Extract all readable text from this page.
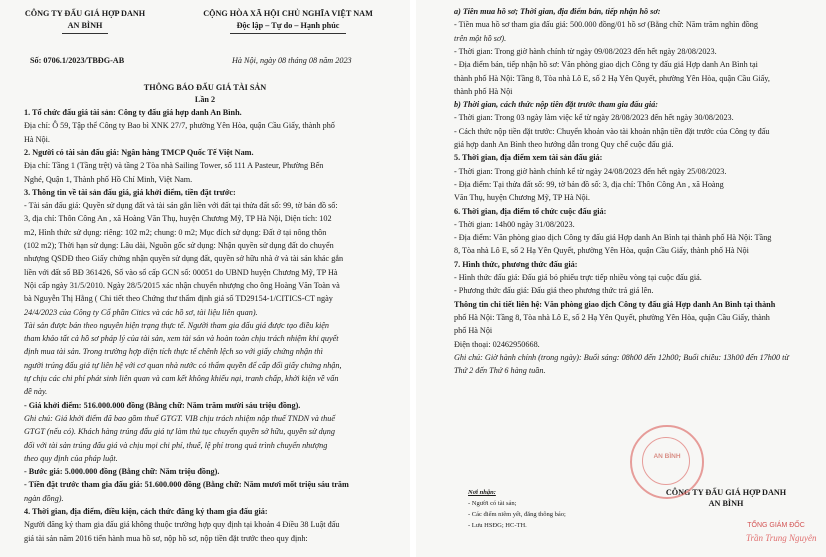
CÔNG TY ĐẤU GIÁ HỢP DANH
AN BÌNH
CỘNG HÒA XÃ HỘI CHỦ NGHĨA VIỆT NAM
Độc lập – Tự do – Hạnh phúc
Số: 0706.1/2023/TBĐG-AB	Hà Nội, ngày 08 tháng 08 năm 2023
THÔNG BÁO ĐẤU GIÁ TÀI SẢN
Lần 2
1. Tổ chức đấu giá tài sản: Công ty đấu giá hợp danh An Bình.
Địa chỉ: Ô 59, Tập thể Công ty Bao bì XNK 27/7, phường Yên Hòa, quận Cầu Giấy, thành phố
Hà Nội.
2. Người có tài sản đấu giá: Ngân hàng TMCP Quốc Tế Việt Nam.
Địa chỉ: Tầng 1 (Tầng trệt) và tầng 2 Tòa nhà Sailing Tower, số 111 A Pasteur, Phường Bến
Nghé, Quận 1, Thành phố Hồ Chí Minh, Việt Nam.
3. Thông tin về tài sản đấu giá, giá khởi điểm, tiền đặt trước:
- Tài sản đấu giá: Quyền sử dụng đất và tài sản gắn liền với đất tại thửa đất số: 99, tờ bản đồ số:
3, địa chỉ: Thôn Công An , xã Hoàng Văn Thụ, huyện Chương Mỹ, TP Hà Nội, Diện tích: 102
m2, Hình thức sử dụng: riêng: 102 m2; chung: 0 m2; Mục đích sử dụng: Đất ở tại nông thôn
(102 m2); Thời hạn sử dụng: Lâu dài, Nguồn gốc sử dụng: Nhận quyền sử dụng đất do chuyển
nhượng QSDĐ theo Giấy chứng nhận quyền sử dụng đất, quyền sở hữu nhà ở và tài sản khác gắn
liền với đất số BĐ 361426, Số vào sổ cấp GCN số: 00051 do UBND huyện Chương Mỹ, TP Hà
Nội cấp ngày 31/5/2010. Ngày 28/5/2015 xác nhận chuyển nhượng cho ông Hoàng Văn Toàn và
bà Nguyễn Thị Hằng ( Chi tiết theo Chứng thư thẩm định giá số TD29154-1/CITICS-CT ngày
24/4/2023 của Công ty Cổ phần Citics và các hồ sơ, tài liệu liên quan).
Tài sản được bán theo nguyên hiện trạng thực tế. Người tham gia đấu giá được tạo điều kiện
tham khảo tất cả hồ sơ pháp lý của tài sản, xem tài sản và hoàn toàn chịu trách nhiệm khi quyết
định mua tài sản. Trong trường hợp diện tích thực tế chênh lệch so với giấy chứng nhận thì
người trúng đấu giá tự liên hệ với cơ quan nhà nước có thẩm quyền để cấp đổi giấy chứng nhận,
tự chịu các chi phí phát sinh liên quan và cam kết không khiếu nại, tranh chấp, khởi kiện về vấn
đề này.
- Giá khởi điểm: 516.000.000 đồng (Bằng chữ: Năm trăm mười sáu triệu đồng).
Ghi chú: Giá khởi điểm đã bao gồm thuế GTGT. VIB chịu trách nhiệm nộp thuế TNDN và thuế
GTGT (nếu có). Khách hàng trúng đấu giá tự làm thủ tục chuyển quyền sở hữu, quyền sử dụng
đối với tài sản trúng đấu giá và chịu mọi chi phí, thuế, lệ phí trong quá trình chuyển nhượng
theo quy định của pháp luật.
- Bước giá: 5.000.000 đồng (Bằng chữ: Năm triệu đồng).
- Tiền đặt trước tham gia đấu giá: 51.600.000 đồng (Bằng chữ: Năm mươi mốt triệu sáu trăm
ngàn đồng).
4. Thời gian, địa điểm, điều kiện, cách thức đăng ký tham gia đấu giá:
Người đăng ký tham gia đấu giá không thuộc trường hợp quy định tại khoản 4 Điều 38 Luật đấu
giá tài sản năm 2016 tiến hành mua hồ sơ, nộp hồ sơ, nộp tiền đặt trước theo quy định:
a) Tiền mua hồ sơ; Thời gian, địa điểm bán, tiếp nhận hồ sơ:
- Tiền mua hồ sơ tham gia đấu giá: 500.000 đồng/01 hồ sơ (Bằng chữ: Năm trăm nghìn đồng
trên một hồ sơ).
- Thời gian: Trong giờ hành chính từ ngày 09/08/2023 đến hết ngày 28/08/2023.
- Địa điểm bán, tiếp nhận hồ sơ: Văn phòng giao dịch Công ty đấu giá Hợp danh An Bình tại
thành phố Hà Nội: Tầng 8, Tòa nhà Lô E, số 2 Hạ Yên Quyết, phường Yên Hòa, quận Cầu Giấy,
thành phố Hà Nội
b) Thời gian, cách thức nộp tiền đặt trước tham gia đấu giá:
- Thời gian: Trong 03 ngày làm việc kể từ ngày 28/08/2023 đến hết ngày 30/08/2023.
- Cách thức nộp tiền đặt trước: Chuyển khoản vào tài khoản nhận tiền đặt trước của Công ty đấu
giá hợp danh An Bình theo hướng dẫn trong Quy chế cuộc đấu giá.
5. Thời gian, địa điểm xem tài sản đấu giá:
- Thời gian: Trong giờ hành chính kể từ ngày 24/08/2023 đến hết ngày 25/08/2023.
- Địa điểm: Tại thửa đất số: 99, tờ bản đồ số: 3, địa chỉ: Thôn Công An , xã Hoàng
Văn Thụ, huyện Chương Mỹ, TP Hà Nội.
6. Thời gian, địa điểm tổ chức cuộc đấu giá:
- Thời gian: 14h00 ngày 31/08/2023.
- Địa điểm: Văn phòng giao dịch Công ty đấu giá Hợp danh An Bình tại thành phố Hà Nội: Tầng
8, Tòa nhà Lô E, số 2 Hạ Yên Quyết, phường Yên Hòa, quận Cầu Giấy, thành phố Hà Nội
7. Hình thức, phương thức đấu giá:
- Hình thức đấu giá: Đấu giá bỏ phiếu trực tiếp nhiều vòng tại cuộc đấu giá.
- Phương thức đấu giá: Đấu giá theo phương thức trả giá lên.
Thông tin chi tiết liên hệ: Văn phòng giao dịch Công ty đấu giá Hợp danh An Bình tại thành
phố Hà Nội: Tầng 8, Tòa nhà Lô E, số 2 Hạ Yên Quyết, phường Yên Hòa, quận Cầu Giấy, thành
phố Hà Nội
Điện thoại: 02462950668.
Ghi chú: Giờ hành chính (trong ngày): Buổi sáng: 08h00 đến 12h00; Buổi chiều: 13h00 đến 17h00 từ
Thứ 2 đến Thứ 6 hàng tuần.
Nơi nhận:
- Người có tài sản;
- Các điểm niêm yết, đăng thông báo;
- Lưu HSĐG; HC-TH.
CÔNG TY ĐẤU GIÁ HỢP DANH
AN BÌNH
TỔNG GIÁM ĐỐC
Trần Trung Nguyên
AN BÌNH
